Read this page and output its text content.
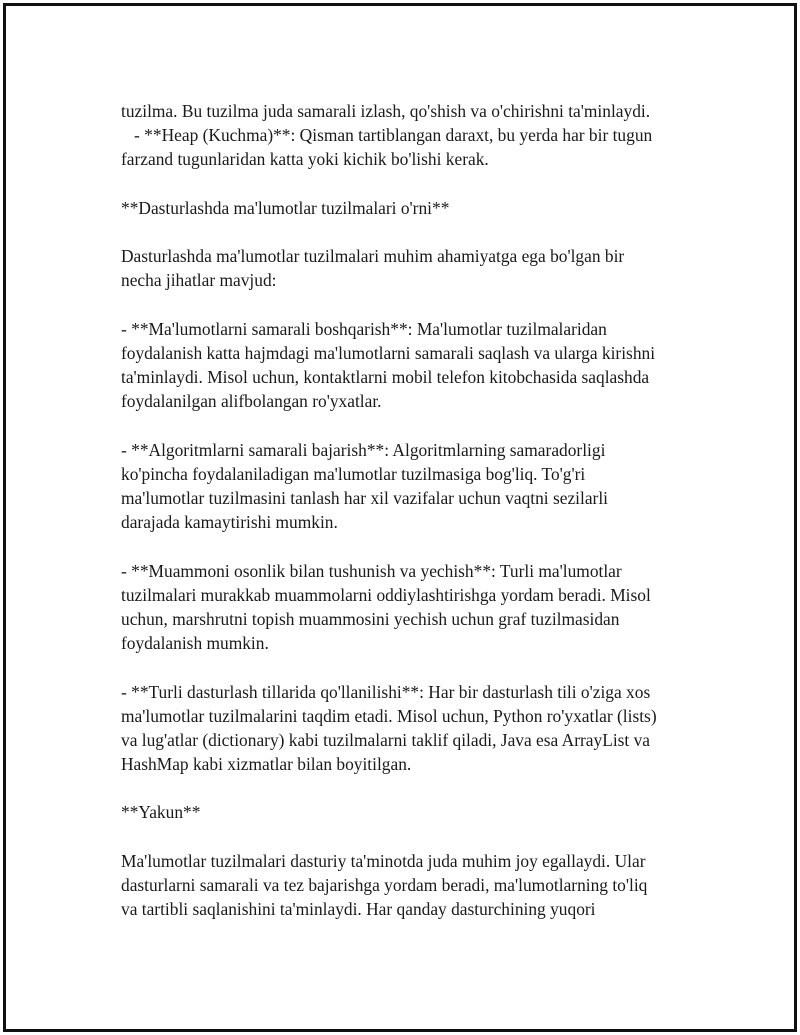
tuzilma. Bu tuzilma juda samarali izlash, qo'shish va o'chirishni ta'minlaydi.
- **Heap (Kuchma)**: Qisman tartiblangan daraxt, bu yerda har bir tugun
farzand tugunlaridan katta yoki kichik bo'lishi kerak.
**Dasturlashda ma'lumotlar tuzilmalari o'rni**
Dasturlashda ma'lumotlar tuzilmalari muhim ahamiyatga ega bo'lgan bir
necha jihatlar mavjud:
- **Ma'lumotlarni samarali boshqarish**: Ma'lumotlar tuzilmalaridan
foydalanish katta hajmdagi ma'lumotlarni samarali saqlash va ularga kirishni
ta'minlaydi. Misol uchun, kontaktlarni mobil telefon kitobchasida saqlashda
foydalanilgan alifbolangan ro'yxatlar.
- **Algoritmlarni samarali bajarish**: Algoritmlarning samaradorligi
ko'pincha foydalaniladigan ma'lumotlar tuzilmasiga bog'liq. To'g'ri
ma'lumotlar tuzilmasini tanlash har xil vazifalar uchun vaqtni sezilarli
darajada kamaytirishi mumkin.
- **Muammoni osonlik bilan tushunish va yechish**: Turli ma'lumotlar
tuzilmalari murakkab muammolarni oddiylashtirishga yordam beradi. Misol
uchun, marshrutni topish muammosini yechish uchun graf tuzilmasidan
foydalanish mumkin.
- **Turli dasturlash tillarida qo'llanilishi**: Har bir dasturlash tili o'ziga xos
ma'lumotlar tuzilmalarini taqdim etadi. Misol uchun, Python ro'yxatlar (lists)
va lug'atlar (dictionary) kabi tuzilmalarni taklif qiladi, Java esa ArrayList va
HashMap kabi xizmatlar bilan boyitilgan.
**Yakun**
Ma'lumotlar tuzilmalari dasturiy ta'minotda juda muhim joy egallaydi. Ular
dasturlarni samarali va tez bajarishga yordam beradi, ma'lumotlarning to'liq
va tartibli saqlanishini ta'minlaydi. Har qanday dasturchining yuqori
